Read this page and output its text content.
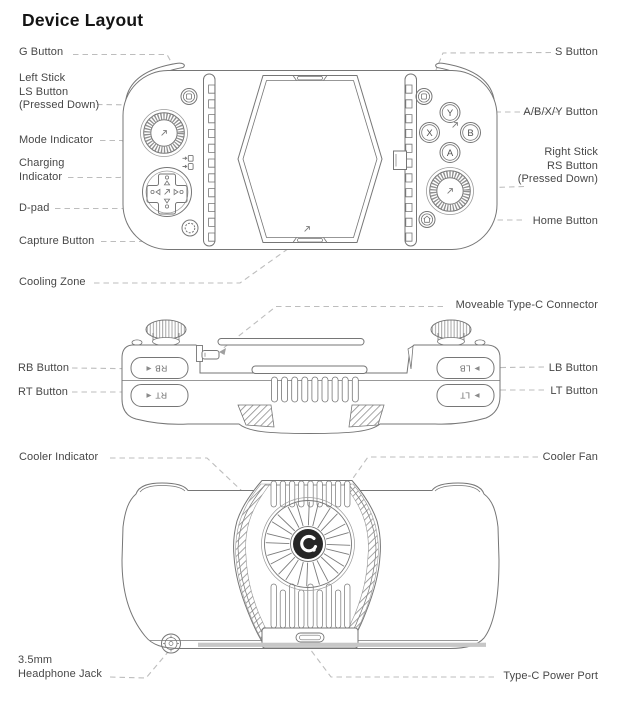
Y
X	B
A
RB
RT
LB
LT
Device Layout
G Button
Left Stick
LS Button
(Pressed Down)
Mode Indicator
Charging
Indicator
D-pad
Capture Button
Cooling Zone
RB Button
RT Button
Cooler Indicator
3.5mm
Headphone Jack
S Button
A/B/X/Y Button
Right Stick
RS Button
(Pressed Down)
Home Button
Moveable Type-C Connector
LB Button
LT Button
Cooler Fan
Type-C Power Port
